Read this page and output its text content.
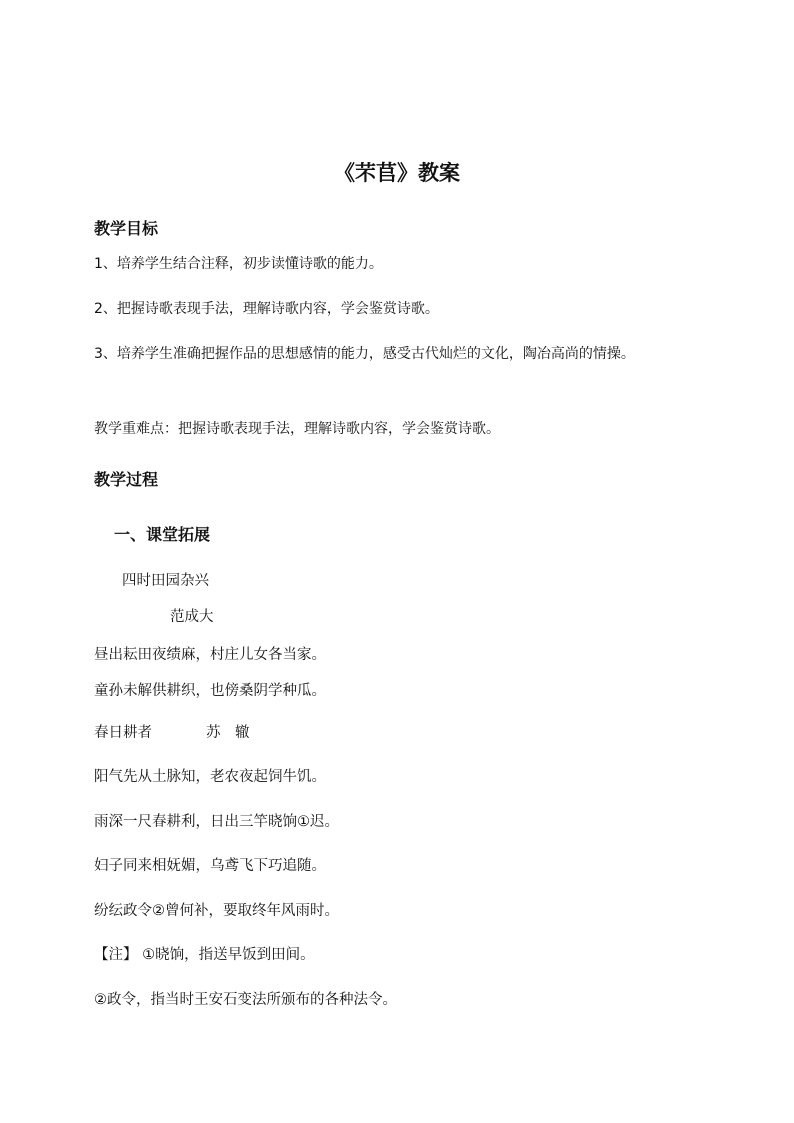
《芣苢》教案
教学目标
1、培养学生结合注释，初步读懂诗歌的能力。
2、把握诗歌表现手法，理解诗歌内容，学会鉴赏诗歌。
3、培养学生准确把握作品的思想感情的能力，感受古代灿烂的文化，陶冶高尚的情操。
教学重难点：把握诗歌表现手法，理解诗歌内容，学会鉴赏诗歌。
教学过程
一、课堂拓展
四时田园杂兴
范成大
昼出耘田夜绩麻，村庄儿女各当家。
童孙未解供耕织，也傍桑阴学种瓜。
春日耕者	苏　辙
阳气先从土脉知，老农夜起饲牛饥。
雨深一尺春耕利，日出三竿晓饷①迟。
妇子同来相妩媚，乌鸢飞下巧追随。
纷纭政令②曾何补，要取终年风雨时。
【注】 ①晓饷，指送早饭到田间。
②政令，指当时王安石变法所颁布的各种法令。
